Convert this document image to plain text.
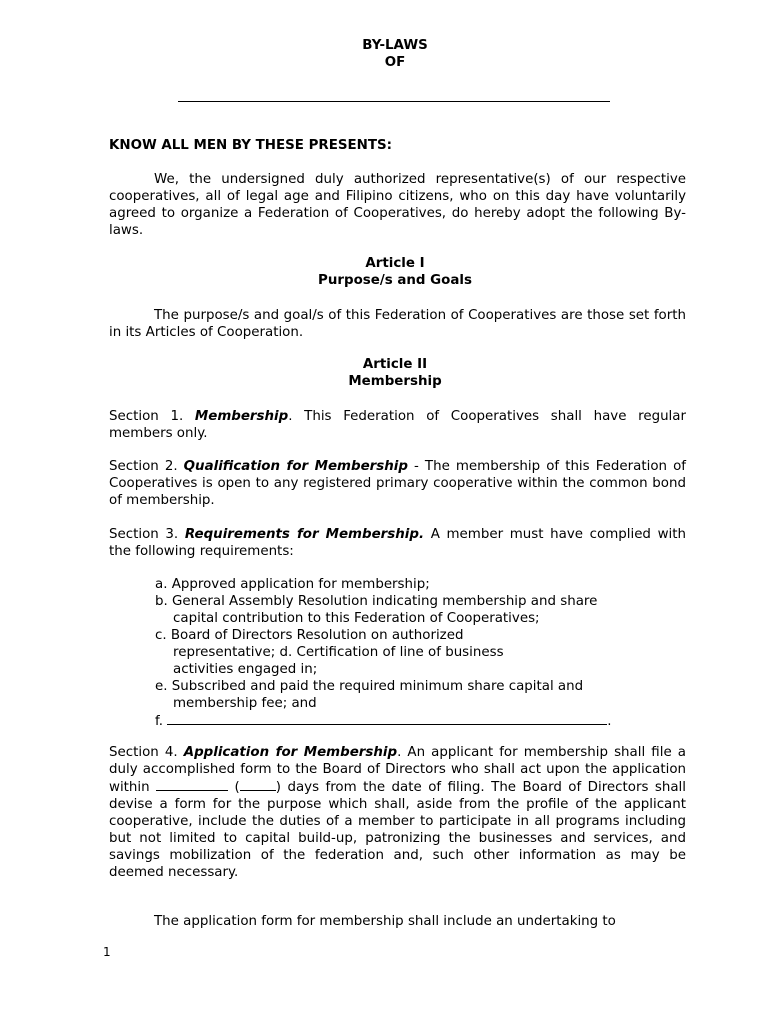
BY-LAWS
OF
KNOW ALL MEN BY THESE PRESENTS:
We, the undersigned duly authorized representative(s) of our respective cooperatives, all of legal age and Filipino citizens, who on this day have voluntarily agreed to organize a Federation of Cooperatives, do hereby adopt the following By-laws.
Article I
Purpose/s and Goals
The purpose/s and goal/s of this Federation of Cooperatives are those set forth in its Articles of Cooperation.
Article II
Membership
Section 1. Membership. This Federation of Cooperatives shall have regular members only.
Section 2. Qualification for Membership - The membership of this Federation of Cooperatives is open to any registered primary cooperative within the common bond of membership.
Section 3. Requirements for Membership. A member must have complied with the following requirements:
a. Approved application for membership;
b. General Assembly Resolution indicating membership and share
capital contribution to this Federation of Cooperatives;
c. Board of Directors Resolution on authorized
representative; d. Certification of line of business
activities engaged in;
e. Subscribed and paid the required minimum share capital and
membership fee; and
f.	.
Section 4. Application for Membership. An applicant for membership shall file a duly accomplished form to the Board of Directors who shall act upon the application within	(	) days from the date of filing. The Board of Directors shall devise a form for the purpose which shall, aside from the profile of the applicant cooperative, include the duties of a member to participate in all programs including but not limited to capital build-up, patronizing the businesses and services, and savings mobilization of the federation and, such other information as may be deemed necessary.
The application form for membership shall include an undertaking to
1
